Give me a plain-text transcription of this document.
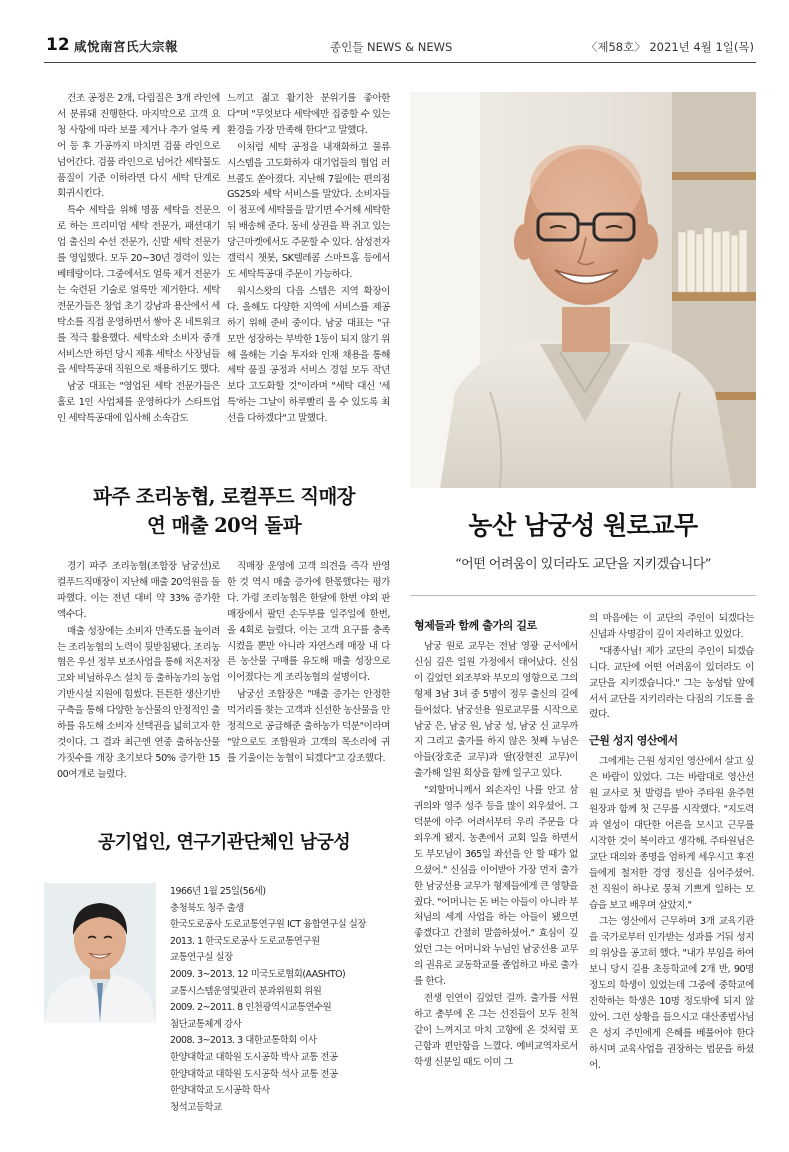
12 咸悅南宮氏大宗報	종인들 NEWS & NEWS	〈제58호〉 2021년 4월 1일(목)
건조 공정은 2개, 다림질은 3개 라인에서 분류돼 진행한다. 마지막으로 고객 요청 사항에 따라 보풀 제거나 추가 얼룩 케어 등 후 가공까지 마치면 검품 라인으로 넘어간다. 검품 라인으로 넘어간 세탁물도 품질이 기준 이하라면 다시 세탁 단계로 회귀시킨다.
특수 세탁을 위해 명품 세탁을 전문으로 하는 프리미엄 세탁 전문가, 패션대기업 출신의 수선 전문가, 신발 세탁 전문가를 영입했다. 모두 20~30년 경력이 있는 베테랑이다. 그중에서도 얼룩 제거 전문가는 숙련된 기술로 얼룩만 제거한다. 세탁 전문가들은 창업 초기 강남과 용산에서 세탁소를 직접 운영하면서 쌓아 온 네트워크를 적극 활용했다. 세탁소와 소비자 중개 서비스만 하던 당시 제휴 세탁소 사장님들을 세탁특공대 직원으로 채용하기도 했다.
남궁 대표는 "영업된 세탁 전문가들은 홀로 1인 사업체를 운영하다가 스타트업인 세탁특공대에 입사해 소속감도
느끼고 젊고 활기찬 분위기를 좋아한다"며 "무엇보다 세탁에만 집중할 수 있는 환경을 가장 만족해 한다"고 말했다.
이처럼 세탁 공정을 내재화하고 물류 시스템을 고도화하자 대기업들의 협업 러브콜도 쏟아졌다. 지난해 7월에는 편의점 GS25와 세탁 서비스를 말았다. 소비자들이 점포에 세탁물을 맡기면 수거해 세탁한 뒤 배송해 준다. 동네 상권을 꽉 쥐고 있는 당근마켓에서도 주문할 수 있다. 삼성전자 갤럭시 챗봇, SK텔레콤 스마트홈 등에서도 세탁특공대 주문이 가능하다.
워시스왓의 다음 스텝은 지역 확장이다. 올해도 다양한 지역에 서비스를 제공하기 위해 준비 중이다. 남궁 대표는 "규모만 성장하는 부박한 1등이 되지 않기 위해 올해는 기술 투자와 인재 채용을 통해 세탁 품질 공정과 서비스 경험 모두 작년보다 고도화할 것"이라며 "세탁 대신 '세특'하는 그날이 하루빨리 올 수 있도록 최선을 다하겠다"고 말했다.
파주 조리농협, 로컬푸드 직매장
연 매출 20억 돌파	농산 남궁성 원로교무
“어떤 어려움이 있더라도 교단을 지키겠습니다”
경기 파주 조리농협(조합장 남궁선)로컬푸드직매장이 지난해 매출 20억원을 돌파했다. 이는 전년 대비 약 33% 증가한 액수다.
매출 성장에는 소비자 만족도를 높이려는 조리농협의 노력이 뒷받침됐다. 조리농협은 우선 정부 보조사업을 통해 저온저장고와 비닐하우스 설치 등 출하농가의 농업기반시설 지원에 힘썼다. 튼튼한 생산기반 구축을 통해 다양한 농산물의 안정적인 출하를 유도해 소비자 선택권을 넓히고자 한 것이다. 그 결과 최근엔 연중 출하농산물 가짓수를 개장 초기보다 50% 증가한 1500여개로 늘렸다.
직매장 운영에 고객 의견을 즉각 반영한 것 역시 매출 증가에 한몫했다는 평가다. 가령 조리농협은 한달에 한번 야외 판매장에서 팔던 손두부를 일주일에 한번, 올 4회로 늘렸다. 이는 고객 요구를 충족시켰을 뿐만 아니라 자연스레 매장 내 다른 농산물 구매를 유도해 매출 성장으로 이어졌다는 게 조리농협의 설명이다.
남궁선 조합장은 "매출 증가는 안정한 먹거리를 찾는 고객과 신선한 농산물을 안정적으로 공급해준 출하농가 덕분"이라며 "앞으로도 조합원과 고객의 목소리에 귀를 기울이는 농협이 되겠다"고 강조했다.
공기업인, 연구기관단체인 남궁성
1966년 1월 25일(56세)
충청북도 청주 출생
한국도로공사 도로교통연구원 ICT 융합연구실 실장
2013. 1 한국도로공사 도로교통연구원
교통연구실 실장
2009. 3~2013. 12 미국도로협회(AASHTO)
교통시스템운영및관리 분과위원회 위원
2009. 2~2011. 8 인천광역시교통연수원
첨단교통체계 강사
2008. 3~2013. 3 대한교통학회 이사
한양대학교 대학원 도시공학 박사 교통 전공
한양대학교 대학원 도시공학 석사 교통 전공
한양대학교 도시공학 학사
청석고등학교
형제들과 함께 출가의 길로
남궁 원로 교무는 전남 영광 군서에서 신심 깊은 일원 가정에서 태어났다. 신심이 깊었던 외조부와 부모의 영향으로 그의 형제 3남 3녀 중 5명이 정무 출신의 길에 들어섰다. 남궁선용 원로교무를 시작으로 남궁 은, 남궁 원, 남궁 성, 남궁 신 교무까지 그리고 출가를 하지 않은 첫째 누님은 아들(장호준 교무)과 딸(장현진 교무)이 출가해 일원 회상을 함께 일구고 있다.
"외할머니께서 외손자인 나를 안고 삼귀의와 영주 성주 등을 많이 외우셨어. 그 덕분에 아주 어려서부터 우리 주문을 다 외우게 됐지. 농촌에서 교회 일을 하면서도 부모님이 365일 좌선을 안 할 때가 없으셨어." 신심을 이어받아 가장 먼저 출가한 남궁선용 교무가 형제들에게 큰 영향을 줬다. "어머니는 돈 버는 아들이 아니라 부처님의 세계 사업을 하는 아들이 됐으면 좋겠다고 간절히 말씀하셨어." 효심이 깊었던 그는 어머니와 누님인 남궁선용 교무의 권유로 교동학교를 졸업하고 바로 출가를 한다.
전생 인연이 깊었던 걸까. 출가를 서원하고 총부에 온 그는 선진들이 모두 친척같이 느껴지고 마치 고향에 온 것처럼 포근함과 편안함을 느꼈다. 예비교역자로서 학생 신분일 때도 이미 그
의 마음에는 이 교단의 주인이 되겠다는 신념과 사명감이 깊이 자리하고 있었다.
"대종사님! 제가 교단의 주인이 되겠습니다. 교단에 어떤 어려움이 있더라도 이 교단을 지키겠습니다." 그는 농성탑 앞에 서서 교단을 지키리라는 다짐의 기도를 올렸다.
근원 성지 영산에서
그에게는 근원 성지인 영산에서 살고 싶은 바람이 있었다. 그는 바람대로 영산선원 교사로 첫 발령을 받아 주타원 윤주현 원장과 함께 첫 근무를 시작했다. "지도력과 열성이 대단한 어른을 모시고 근무를 시작한 것이 복이라고 생각해. 주타원님은 교단 대의와 종명을 엄하게 세우시고 후진들에게 철저한 경영 정신을 심어주셨어. 전 직원이 하나로 뭉쳐 기쁘게 일하는 모습을 보고 배우며 살았지."
그는 영산에서 근무하며 3개 교육기관을 국가로부터 인가받는 성과를 거둬 성지의 위상을 공고히 했다. "내가 부임을 하여보니 당시 길용 초등학교에 2개 반, 90명 정도의 학생이 있었는데 그중에 중학교에 진학하는 학생은 10명 정도밖에 되지 않았어. 그런 상황을 들으시고 대산종법사님은 성지 주민에게 은혜를 베풀어야 한다 하시며 교육사업을 권장하는 법문을 하셨어.
